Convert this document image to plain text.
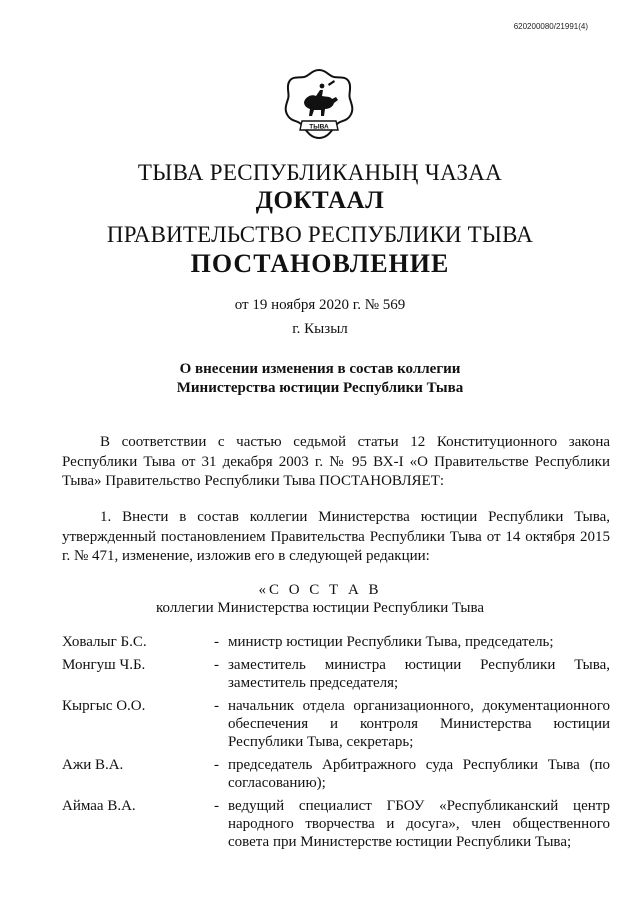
620200080/21991(4)
ТЫВА
ТЫВА РЕСПУБЛИКАНЫҢ ЧАЗАА
ДОКТААЛ
ПРАВИТЕЛЬСТВО РЕСПУБЛИКИ ТЫВА
ПОСТАНОВЛЕНИЕ
от 19 ноября 2020 г. № 569
г. Кызыл
О внесении изменения в состав коллегии
Министерства юстиции Республики Тыва

В соответствии с частью седьмой статьи 12 Конституционного закона Республики Тыва от 31 декабря 2003 г. № 95 ВХ-I «О Правительстве Республики Тыва» Правительство Республики Тыва ПОСТАНОВЛЯЕТ:

1. Внести в состав коллегии Министерства юстиции Республики Тыва, утвержденный постановлением Правительства Республики Тыва от 14 октября 2015 г. № 471, изменение, изложив его в следующей редакции:

«С О С Т А В
коллегии Министерства юстиции Республики Тыва
Ховалыг Б.С.	- министр юстиции Республики Тыва, председатель;
Монгуш Ч.Б.	- заместитель министра юстиции Республики Тыва, заместитель председателя;
Кыргыс О.О.	- начальник отдела организационного, документационного обеспечения и контроля Министерства юстиции Республики Тыва, секретарь;
Ажи В.А.	- председатель Арбитражного суда Республики Тыва (по согласованию);
Аймаа В.А.	- ведущий специалист ГБОУ «Республиканский центр народного творчества и досуга», член общественного совета при Министерстве юстиции Республики Тыва;
